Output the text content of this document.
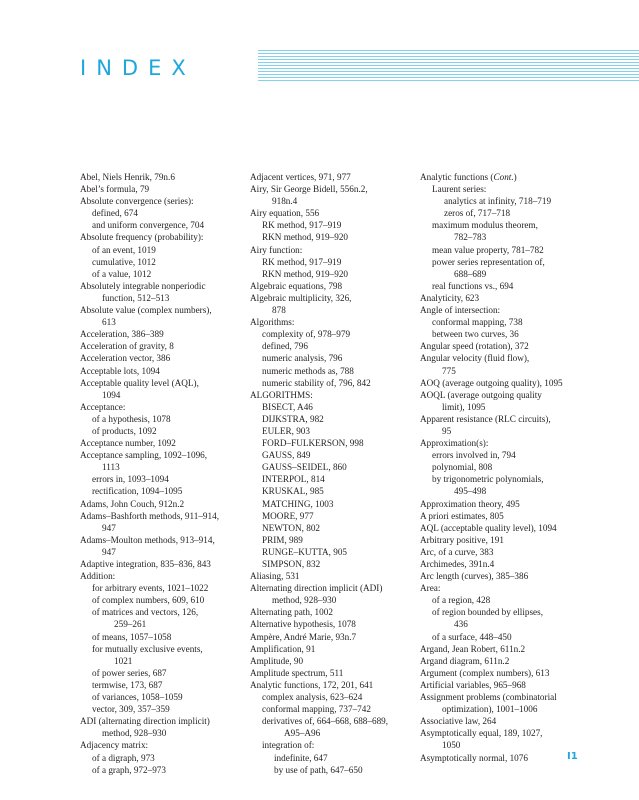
INDEX
Abel, Niels Henrik, 79n.6
Abel’s formula, 79
Absolute convergence (series):
defined, 674
and uniform convergence, 704
Absolute frequency (probability):
of an event, 1019
cumulative, 1012
of a value, 1012
Absolutely integrable nonperiodic
function, 512–513
Absolute value (complex numbers),
613
Acceleration, 386–389
Acceleration of gravity, 8
Acceleration vector, 386
Acceptable lots, 1094
Acceptable quality level (AQL),
1094
Acceptance:
of a hypothesis, 1078
of products, 1092
Acceptance number, 1092
Acceptance sampling, 1092–1096,
1113
errors in, 1093–1094
rectification, 1094–1095
Adams, John Couch, 912n.2
Adams–Bashforth methods, 911–914,
947
Adams–Moulton methods, 913–914,
947
Adaptive integration, 835–836, 843
Addition:
for arbitrary events, 1021–1022
of complex numbers, 609, 610
of matrices and vectors, 126,
259–261
of means, 1057–1058
for mutually exclusive events,
1021
of power series, 687
termwise, 173, 687
of variances, 1058–1059
vector, 309, 357–359
ADI (alternating direction implicit)
method, 928–930
Adjacency matrix:
of a digraph, 973
of a graph, 972–973
Adjacent vertices, 971, 977
Airy, Sir George Bidell, 556n.2,
918n.4
Airy equation, 556
RK method, 917–919
RKN method, 919–920
Airy function:
RK method, 917–919
RKN method, 919–920
Algebraic equations, 798
Algebraic multiplicity, 326,
878
Algorithms:
complexity of, 978–979
defined, 796
numeric analysis, 796
numeric methods as, 788
numeric stability of, 796, 842
ALGORITHMS:
BISECT, A46
DIJKSTRA, 982
EULER, 903
FORD–FULKERSON, 998
GAUSS, 849
GAUSS–SEIDEL, 860
INTERPOL, 814
KRUSKAL, 985
MATCHING, 1003
MOORE, 977
NEWTON, 802
PRIM, 989
RUNGE–KUTTA, 905
SIMPSON, 832
Aliasing, 531
Alternating direction implicit (ADI)
method, 928–930
Alternating path, 1002
Alternative hypothesis, 1078
Ampère, André Marie, 93n.7
Amplification, 91
Amplitude, 90
Amplitude spectrum, 511
Analytic functions, 172, 201, 641
complex analysis, 623–624
conformal mapping, 737–742
derivatives of, 664–668, 688–689,
A95–A96
integration of:
indefinite, 647
by use of path, 647–650
Analytic functions (Cont.)
Laurent series:
analytics at infinity, 718–719
zeros of, 717–718
maximum modulus theorem,
782–783
mean value property, 781–782
power series representation of,
688–689
real functions vs., 694
Analyticity, 623
Angle of intersection:
conformal mapping, 738
between two curves, 36
Angular speed (rotation), 372
Angular velocity (fluid flow),
775
AOQ (average outgoing quality), 1095
AOQL (average outgoing quality
limit), 1095
Apparent resistance (RLC circuits),
95
Approximation(s):
errors involved in, 794
polynomial, 808
by trigonometric polynomials,
495–498
Approximation theory, 495
A priori estimates, 805
AQL (acceptable quality level), 1094
Arbitrary positive, 191
Arc, of a curve, 383
Archimedes, 391n.4
Arc length (curves), 385–386
Area:
of a region, 428
of region bounded by ellipses,
436
of a surface, 448–450
Argand, Jean Robert, 611n.2
Argand diagram, 611n.2
Argument (complex numbers), 613
Artificial variables, 965–968
Assignment problems (combinatorial
optimization), 1001–1006
Associative law, 264
Asymptotically equal, 189, 1027,
1050
Asymptotically normal, 1076	I1
